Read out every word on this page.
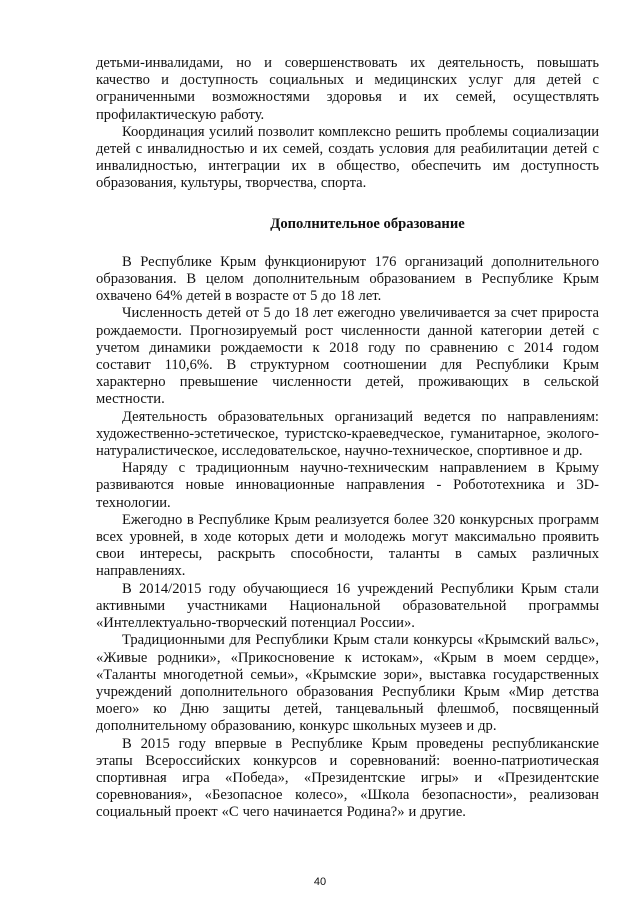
детьми-инвалидами, но и совершенствовать их деятельность, повышать качество и доступность социальных и медицинских услуг для детей с ограниченными возможностями здоровья и их семей, осуществлять профилактическую работу.

Координация усилий позволит комплексно решить проблемы социализации детей с инвалидностью и их семей, создать условия для реабилитации детей с инвалидностью, интеграции их в общество, обеспечить им доступность образования, культуры, творчества, спорта.

Дополнительное образование

В Республике Крым функционируют 176 организаций дополнительного образования. В целом дополнительным образованием в Республике Крым охвачено 64% детей в возрасте от 5 до 18 лет.

Численность детей от 5 до 18 лет ежегодно увеличивается за счет прироста рождаемости. Прогнозируемый рост численности данной категории детей с учетом динамики рождаемости к 2018 году по сравнению с 2014 годом составит 110,6%. В структурном соотношении для Республики Крым характерно превышение численности детей, проживающих в сельской местности.

Деятельность образовательных организаций ведется по направлениям: художественно-эстетическое, туристско-краеведческое, гуманитарное, эколого-натуралистическое, исследовательское, научно-техническое, спортивное и др.

Наряду с традиционным научно-техническим направлением в Крыму развиваются новые инновационные направления - Робототехника и 3D-технологии.

Ежегодно в Республике Крым реализуется более 320 конкурсных программ всех уровней, в ходе которых дети и молодежь могут максимально проявить свои интересы, раскрыть способности, таланты в самых различных направлениях.

В 2014/2015 году обучающиеся 16 учреждений Республики Крым стали активными участниками Национальной образовательной программы «Интеллектуально-творческий потенциал России».

Традиционными для Республики Крым стали конкурсы «Крымский вальс», «Живые родники», «Прикосновение к истокам», «Крым в моем сердце», «Таланты многодетной семьи», «Крымские зори», выставка государственных учреждений дополнительного образования Республики Крым «Мир детства моего» ко Дню защиты детей, танцевальный флешмоб, посвященный дополнительному образованию, конкурс школьных музеев и др.

В 2015 году впервые в Республике Крым проведены республиканские этапы Всероссийских конкурсов и соревнований: военно-патриотическая спортивная игра «Победа», «Президентские игры» и «Президентские соревнования», «Безопасное колесо», «Школа безопасности», реализован социальный проект «С чего начинается Родина?» и другие.

40
